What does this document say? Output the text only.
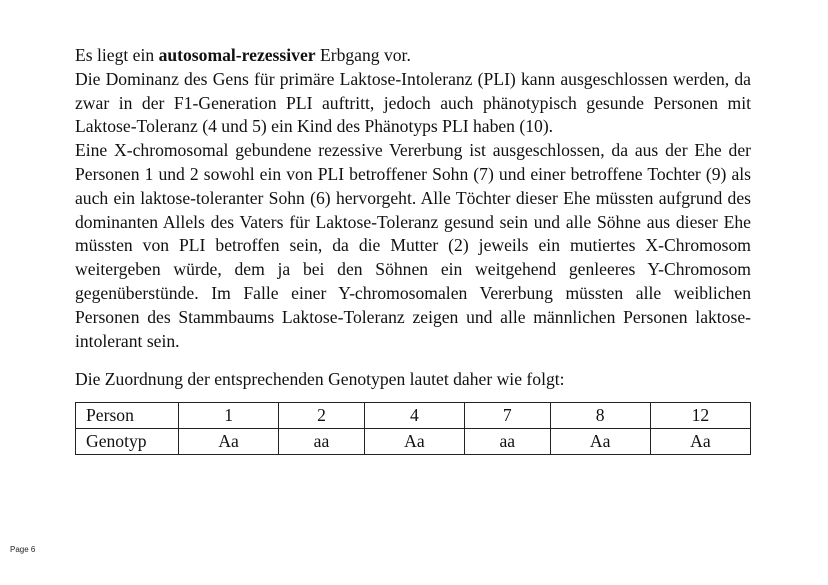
Es liegt ein autosomal-rezessiver Erbgang vor.

Die Dominanz des Gens für primäre Laktose-Intoleranz (PLI) kann ausgeschlossen werden, da zwar in der F1-Generation PLI auftritt, jedoch auch phänotypisch gesunde Personen mit Laktose-Toleranz (4 und 5) ein Kind des Phänotyps PLI haben (10).

Eine X-chromosomal gebundene rezessive Vererbung ist ausgeschlossen, da aus der Ehe der Personen 1 und 2 sowohl ein von PLI betroffener Sohn (7) und einer betroffene Tochter (9) als auch ein laktose-toleranter Sohn (6) hervorgeht. Alle Töchter dieser Ehe müssten aufgrund des dominanten Allels des Vaters für Laktose-Toleranz gesund sein und alle Söhne aus dieser Ehe müssten von PLI betroffen sein, da die Mutter (2) jeweils ein mutiertes X-Chromosom weitergeben würde, dem ja bei den Söhnen ein weitgehend genleeres Y-Chromosom gegenüberstünde. Im Falle einer Y-chromosomalen Vererbung müssten alle weiblichen Personen des Stammbaums Laktose-Toleranz zeigen und alle männlichen Personen laktose-intolerant sein.

Die Zuordnung der entsprechenden Genotypen lautet daher wie folgt:

Person	1	2	4	7	8	12
Genotyp	Aa	aa	Aa	aa	Aa	Aa
Page 6
